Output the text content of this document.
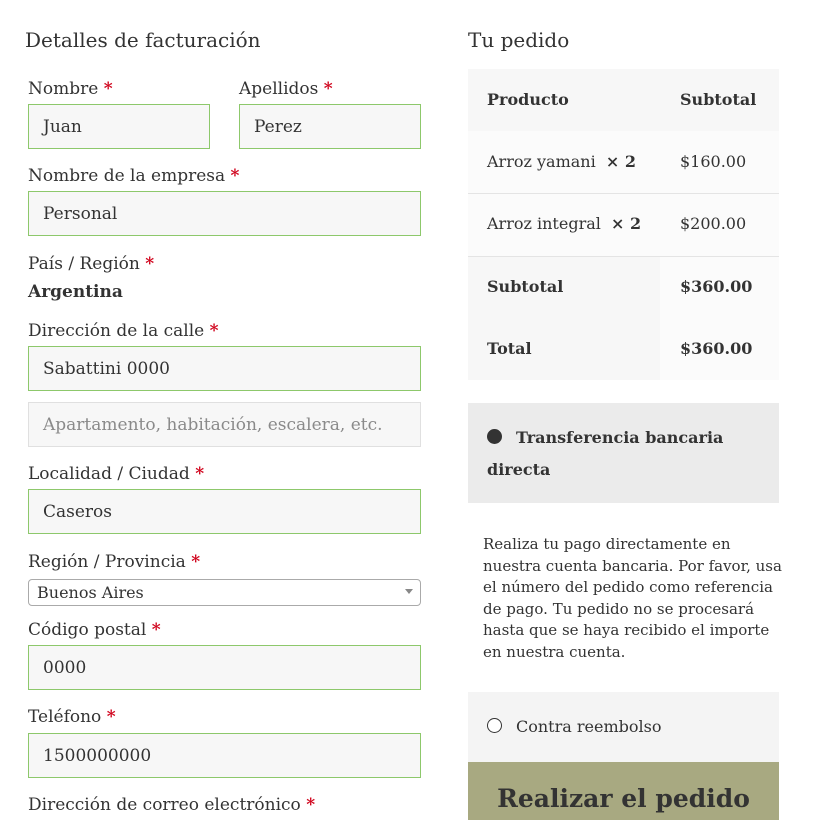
Detalles de facturación
Nombre *
Juan
Apellidos *
Perez
Nombre de la empresa *
Personal
País / Región *
Argentina
Dirección de la calle *
Sabattini 0000
Apartamento, habitación, escalera, etc.
Localidad / Ciudad *
Caseros
Región / Provincia *
Buenos Aires
Código postal *
0000
Teléfono *
1500000000
Dirección de correo electrónico *
Tu pedido
Producto	Subtotal
Arroz yamani × 2	$160.00
Arroz integral × 2 $200.00
Subtotal	$360.00
Total	$360.00
Transferencia bancaria
directa
Realiza tu pago directamente en
nuestra cuenta bancaria. Por favor, usa
el número del pedido como referencia
de pago. Tu pedido no se procesará
hasta que se haya recibido el importe
en nuestra cuenta.
Contra reembolso
Realizar el pedido
